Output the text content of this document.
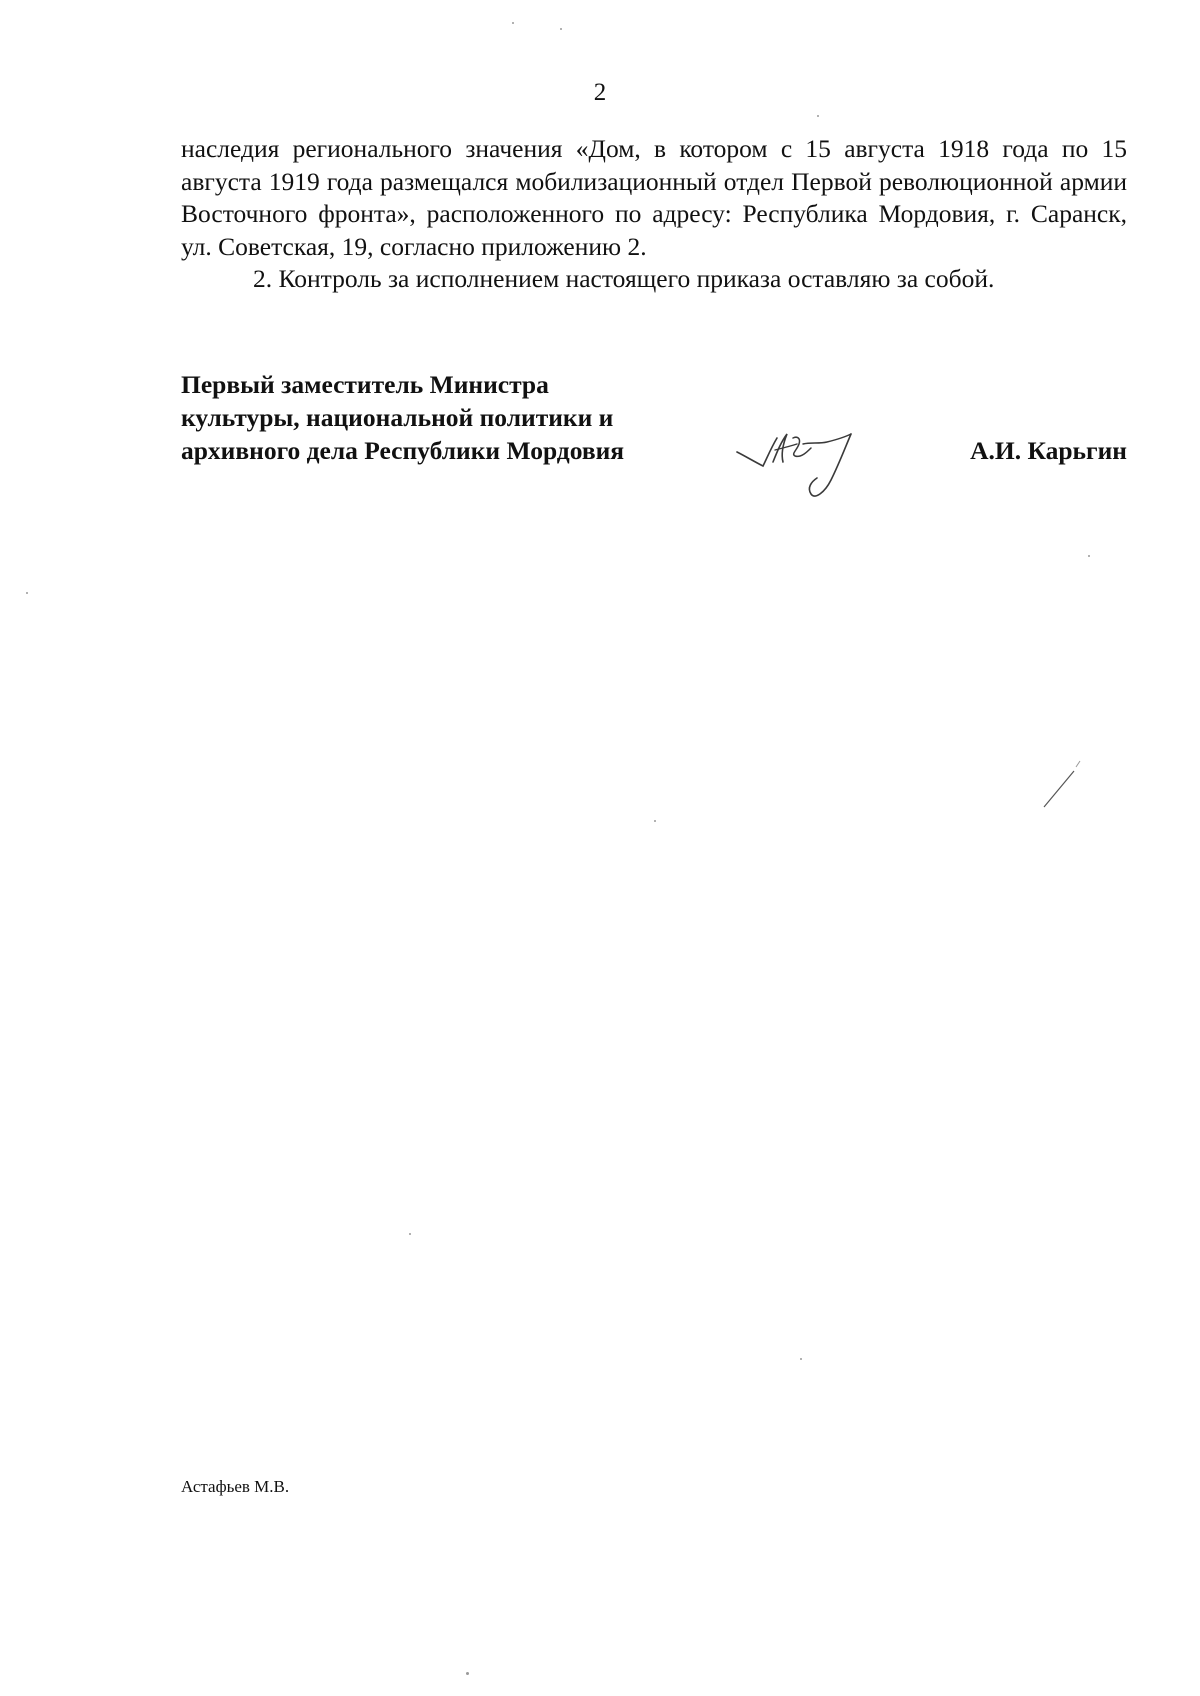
2

наследия регионального значения «Дом, в котором с 15 августа 1918 года по 15 августа 1919 года размещался мобилизационный отдел Первой революционной армии Восточного фронта», расположенного по адресу: Республика Мордовия, г. Саранск, ул. Советская, 19, согласно приложению 2.

2. Контроль за исполнением настоящего приказа оставляю за собой.

Первый заместитель Министра
культуры, национальной политики и
архивного дела Республики Мордовия	А.И. Карьгин
Астафьев М.В.
